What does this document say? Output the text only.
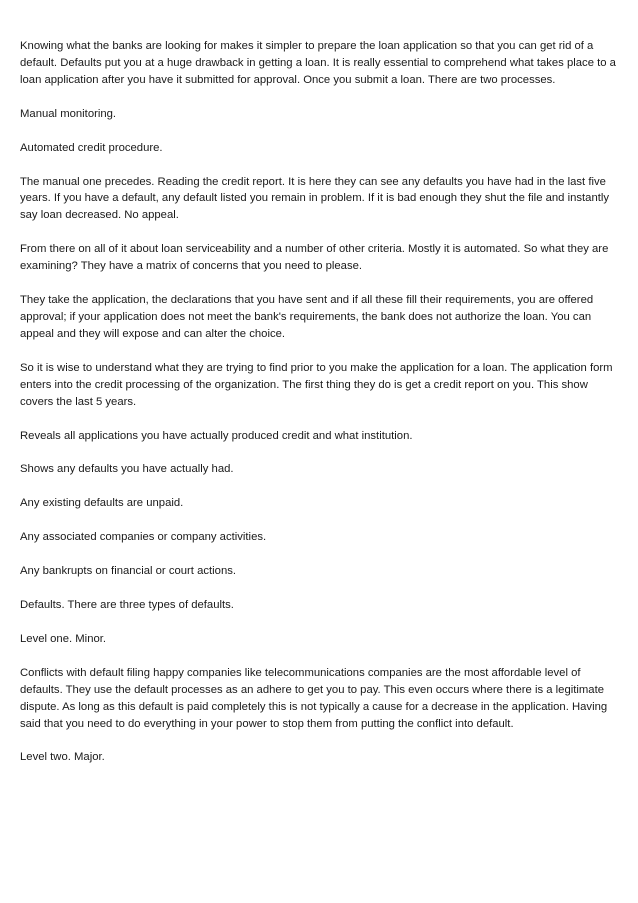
Knowing what the banks are looking for makes it simpler to prepare the loan application so that you can get rid of a default. Defaults put you at a huge drawback in getting a loan. It is really essential to comprehend what takes place to a loan application after you have it submitted for approval. Once you submit a loan. There are two processes.

Manual monitoring.

Automated credit procedure.

The manual one precedes. Reading the credit report. It is here they can see any defaults you have had in the last five years. If you have a default, any default listed you remain in problem. If it is bad enough they shut the file and instantly say loan decreased. No appeal.

From there on all of it about loan serviceability and a number of other criteria. Mostly it is automated. So what they are examining? They have a matrix of concerns that you need to please.

They take the application, the declarations that you have sent and if all these fill their requirements, you are offered approval; if your application does not meet the bank's requirements, the bank does not authorize the loan. You can appeal and they will expose and can alter the choice.

So it is wise to understand what they are trying to find prior to you make the application for a loan. The application form enters into the credit processing of the organization. The first thing they do is get a credit report on you. This show covers the last 5 years.

Reveals all applications you have actually produced credit and what institution.

Shows any defaults you have actually had.

Any existing defaults are unpaid.

Any associated companies or company activities.

Any bankrupts on financial or court actions.

Defaults. There are three types of defaults.

Level one. Minor.

Conflicts with default filing happy companies like telecommunications companies are the most affordable level of defaults. They use the default processes as an adhere to get you to pay. This even occurs where there is a legitimate dispute. As long as this default is paid completely this is not typically a cause for a decrease in the application. Having said that you need to do everything in your power to stop them from putting the conflict into default.

Level two. Major.
